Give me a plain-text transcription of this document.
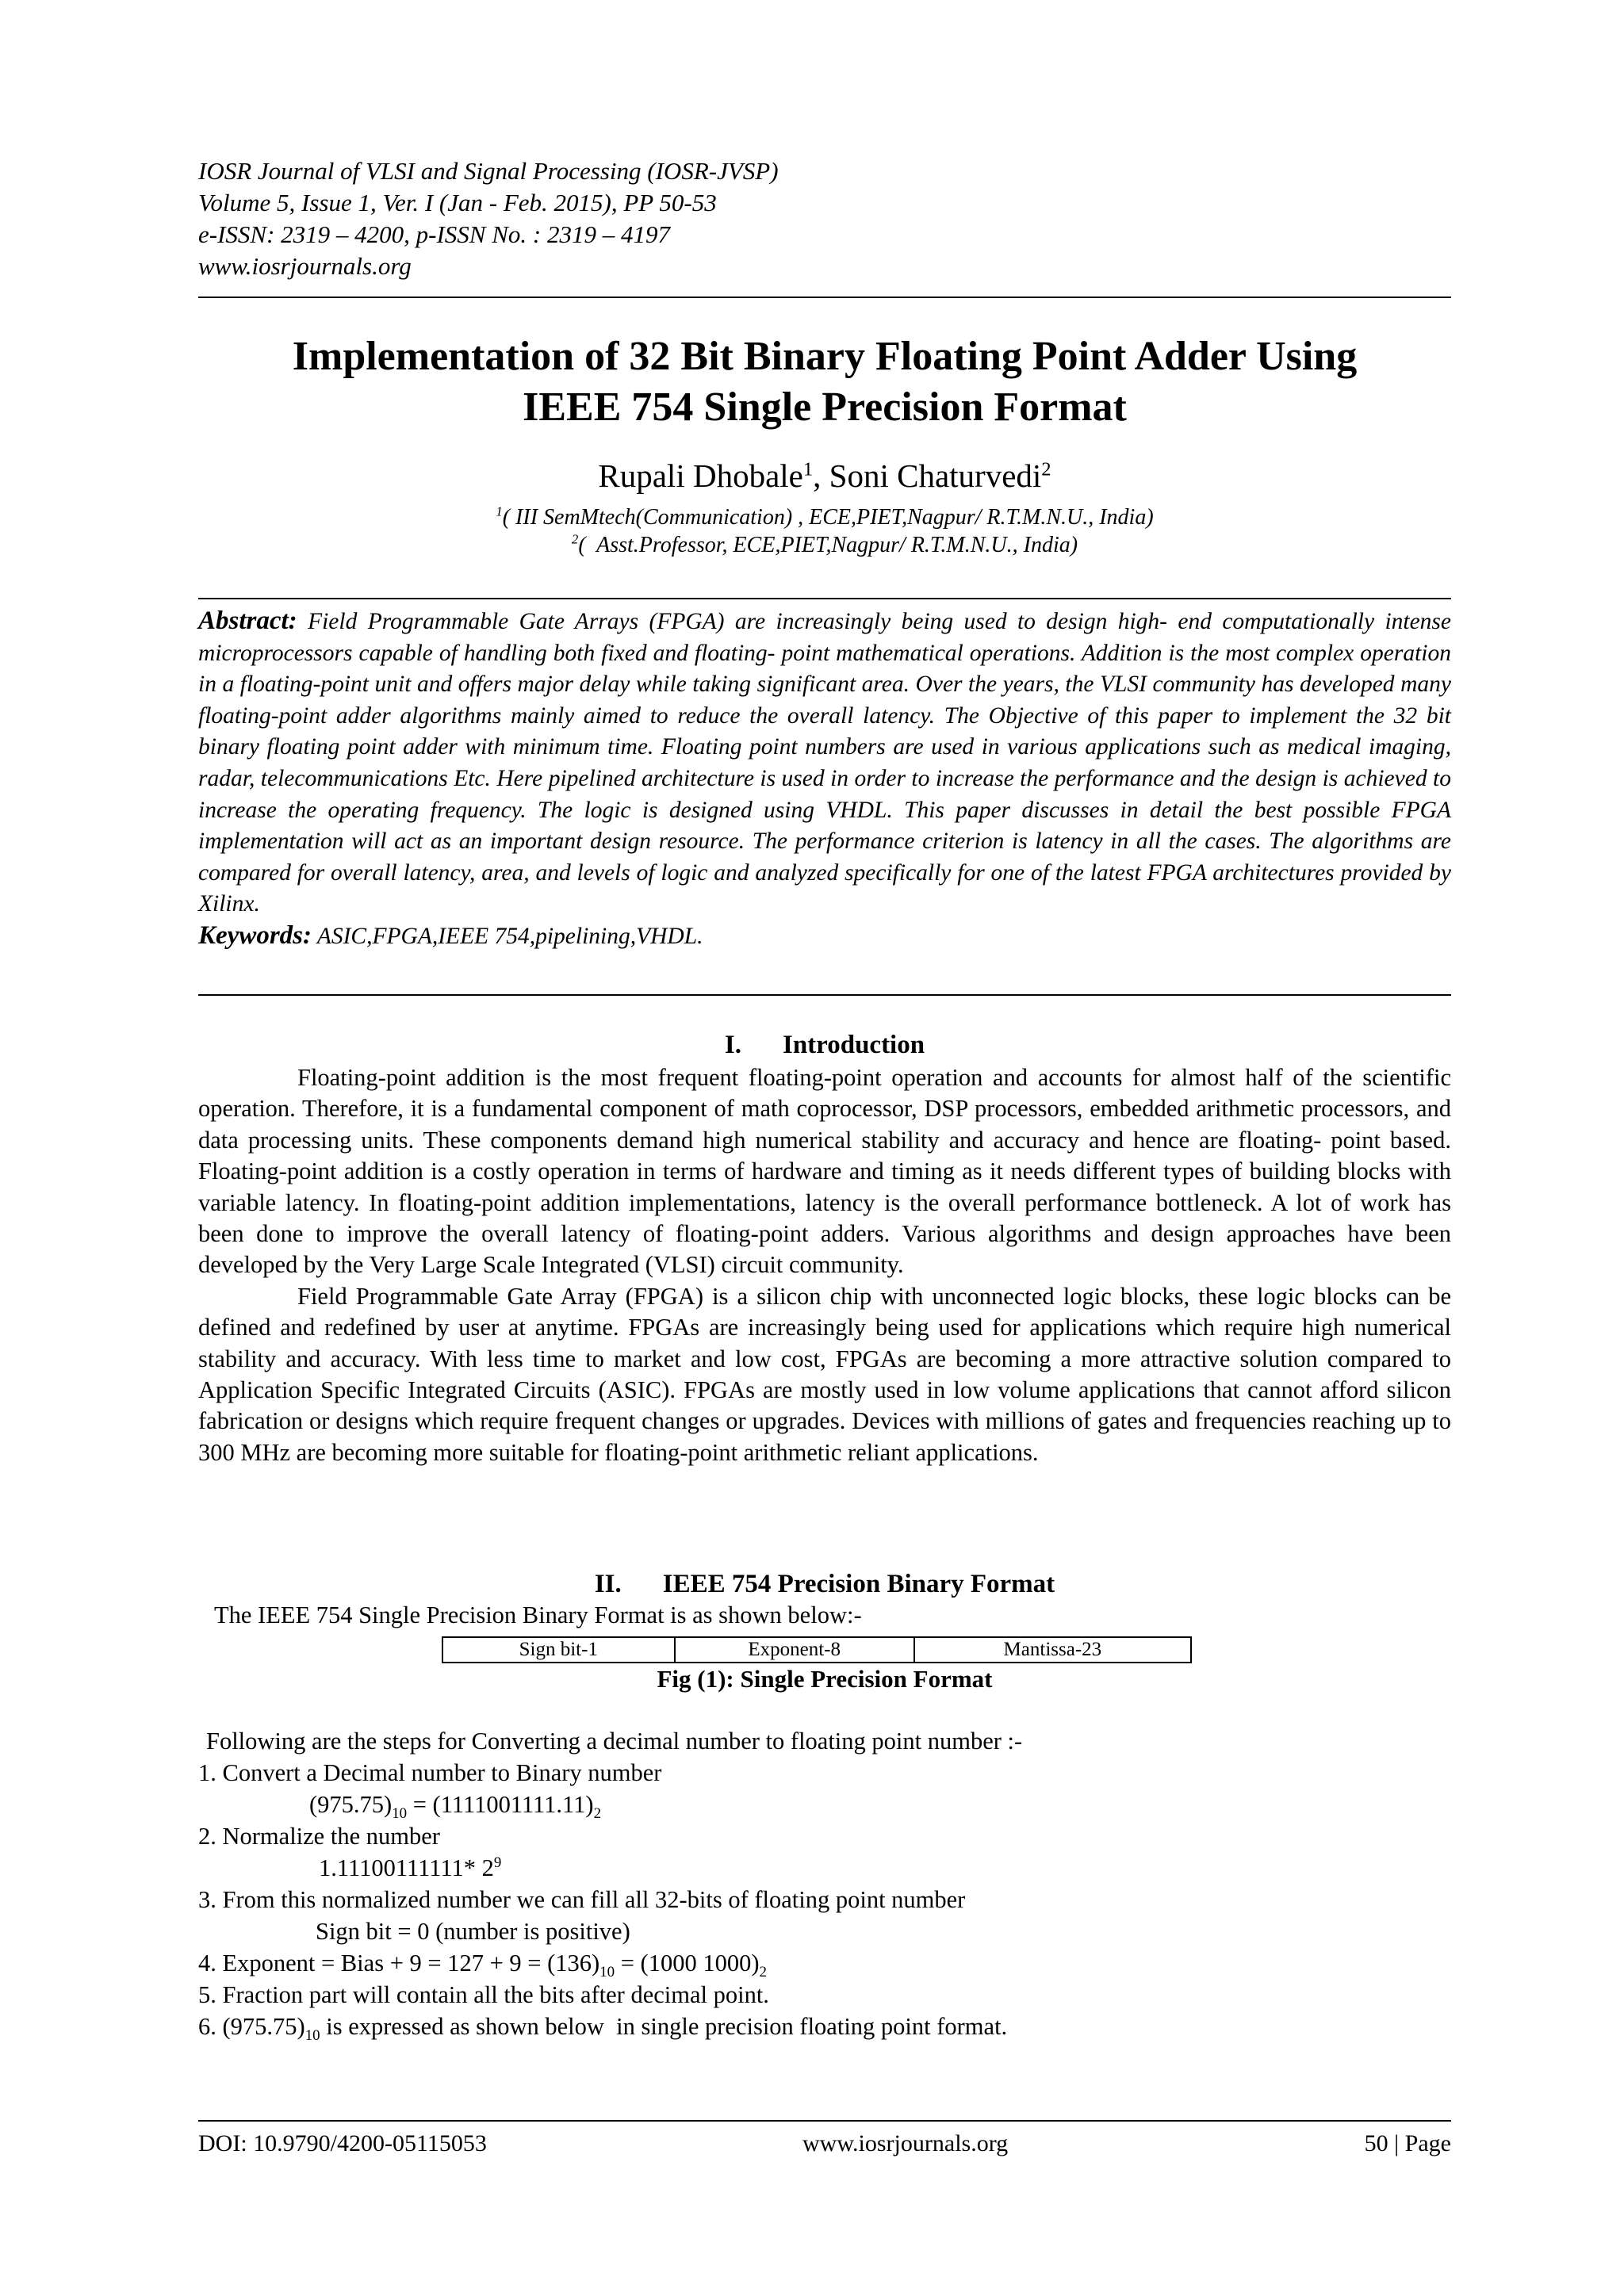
IOSR Journal of VLSI and Signal Processing (IOSR-JVSP)
Volume 5, Issue 1, Ver. I (Jan - Feb. 2015), PP 50-53
e-ISSN: 2319 – 4200, p-ISSN No. : 2319 – 4197
www.iosrjournals.org
Implementation of 32 Bit Binary Floating Point Adder Using
IEEE 754 Single Precision Format
Rupali Dhobale$^1$, Soni Chaturvedi$^2$
$^1$( III SemMtech(Communication) , ECE,PIET,Nagpur/ R.T.M.N.U., India)
$^2$(  Asst.Professor, ECE,PIET,Nagpur/ R.T.M.N.U., India)
Abstract: Field Programmable Gate Arrays (FPGA) are increasingly being used to design high- end computationally intense microprocessors capable of handling both fixed and floating- point mathematical operations. Addition is the most complex operation in a floating-point unit and offers major delay while taking significant area. Over the years, the VLSI community has developed many floating-point adder algorithms mainly aimed to reduce the overall latency. The Objective of this paper to implement the 32 bit binary floating point adder with minimum time. Floating point numbers are used in various applications such as medical imaging, radar, telecommunications Etc. Here pipelined architecture is used in order to increase the performance and the design is achieved to increase the operating frequency. The logic is designed using VHDL. This paper discusses in detail the best possible FPGA implementation will act as an important design resource. The performance criterion is latency in all the cases. The algorithms are compared for overall latency, area, and levels of logic and analyzed specifically for one of the latest FPGA architectures provided by Xilinx.
Keywords: ASIC,FPGA,IEEE 754,pipelining,VHDL.
I. Introduction

Floating-point addition is the most frequent floating-point operation and accounts for almost half of the scientific operation. Therefore, it is a fundamental component of math coprocessor, DSP processors, embedded arithmetic processors, and data processing units. These components demand high numerical stability and accuracy and hence are floating- point based. Floating-point addition is a costly operation in terms of hardware and timing as it needs different types of building blocks with variable latency. In floating-point addition implementations, latency is the overall performance bottleneck. A lot of work has been done to improve the overall latency of floating-point adders. Various algorithms and design approaches have been developed by the Very Large Scale Integrated (VLSI) circuit community.

Field Programmable Gate Array (FPGA) is a silicon chip with unconnected logic blocks, these logic blocks can be defined and redefined by user at anytime. FPGAs are increasingly being used for applications which require high numerical stability and accuracy. With less time to market and low cost, FPGAs are becoming a more attractive solution compared to Application Specific Integrated Circuits (ASIC). FPGAs are mostly used in low volume applications that cannot afford silicon fabrication or designs which require frequent changes or upgrades. Devices with millions of gates and frequencies reaching up to 300 MHz are becoming more suitable for floating-point arithmetic reliant applications.

II. IEEE 754 Precision Binary Format
The IEEE 754 Single Precision Binary Format is as shown below:-
Sign bit-1	Exponent-8	Mantissa-23
Fig (1): Single Precision Format
Following are the steps for Converting a decimal number to floating point number :-
1. Convert a Decimal number to Binary number
$(975.75)_{10} = (1111001111.11)_2$
2. Normalize the number
1.11100111111* $2^9$
3. From this normalized number we can fill all 32-bits of floating point number
Sign bit = 0 (number is positive)
4. Exponent = Bias + $9 = 127 + 9 = (136)_{10} = (1000$ $1000)_2$
5. Fraction part will contain all the bits after decimal point.
6. $(975.75)_{10}$ is expressed as shown below  in single precision floating point format.
DOI: 10.9790/4200-05115053	www.iosrjournals.org	50 | Page
